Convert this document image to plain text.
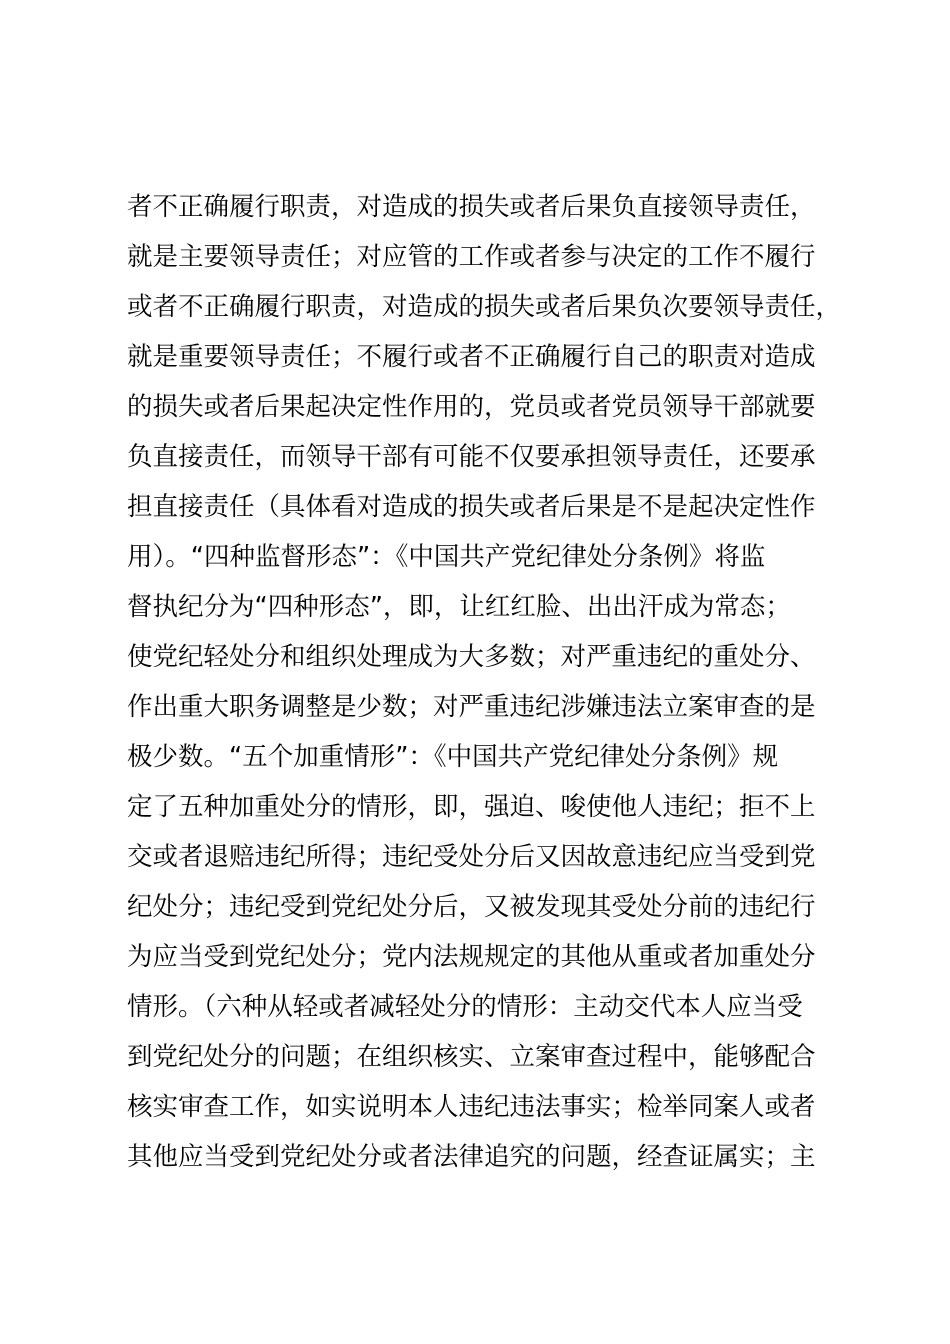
者不正确履行职责，对造成的损失或者后果负直接领导责任，
就是主要领导责任；对应管的工作或者参与决定的工作不履行
或者不正确履行职责，对造成的损失或者后果负次要领导责任，
就是重要领导责任；不履行或者不正确履行自己的职责对造成
的损失或者后果起决定性作用的，党员或者党员领导干部就要
负直接责任，而领导干部有可能不仅要承担领导责任，还要承
担直接责任（具体看对造成的损失或者后果是不是起决定性作
用）。“四种监督形态”：《中国共产党纪律处分条例》将监
督执纪分为“四种形态”，即，让红红脸、出出汗成为常态；
使党纪轻处分和组织处理成为大多数；对严重违纪的重处分、
作出重大职务调整是少数；对严重违纪涉嫌违法立案审查的是
极少数。“五个加重情形”：《中国共产党纪律处分条例》规
定了五种加重处分的情形，即，强迫、唆使他人违纪；拒不上
交或者退赔违纪所得；违纪受处分后又因故意违纪应当受到党
纪处分；违纪受到党纪处分后，又被发现其受处分前的违纪行
为应当受到党纪处分；党内法规规定的其他从重或者加重处分
情形。（六种从轻或者减轻处分的情形：主动交代本人应当受
到党纪处分的问题；在组织核实、立案审查过程中，能够配合
核实审查工作，如实说明本人违纪违法事实；检举同案人或者
其他应当受到党纪处分或者法律追究的问题，经查证属实；主
